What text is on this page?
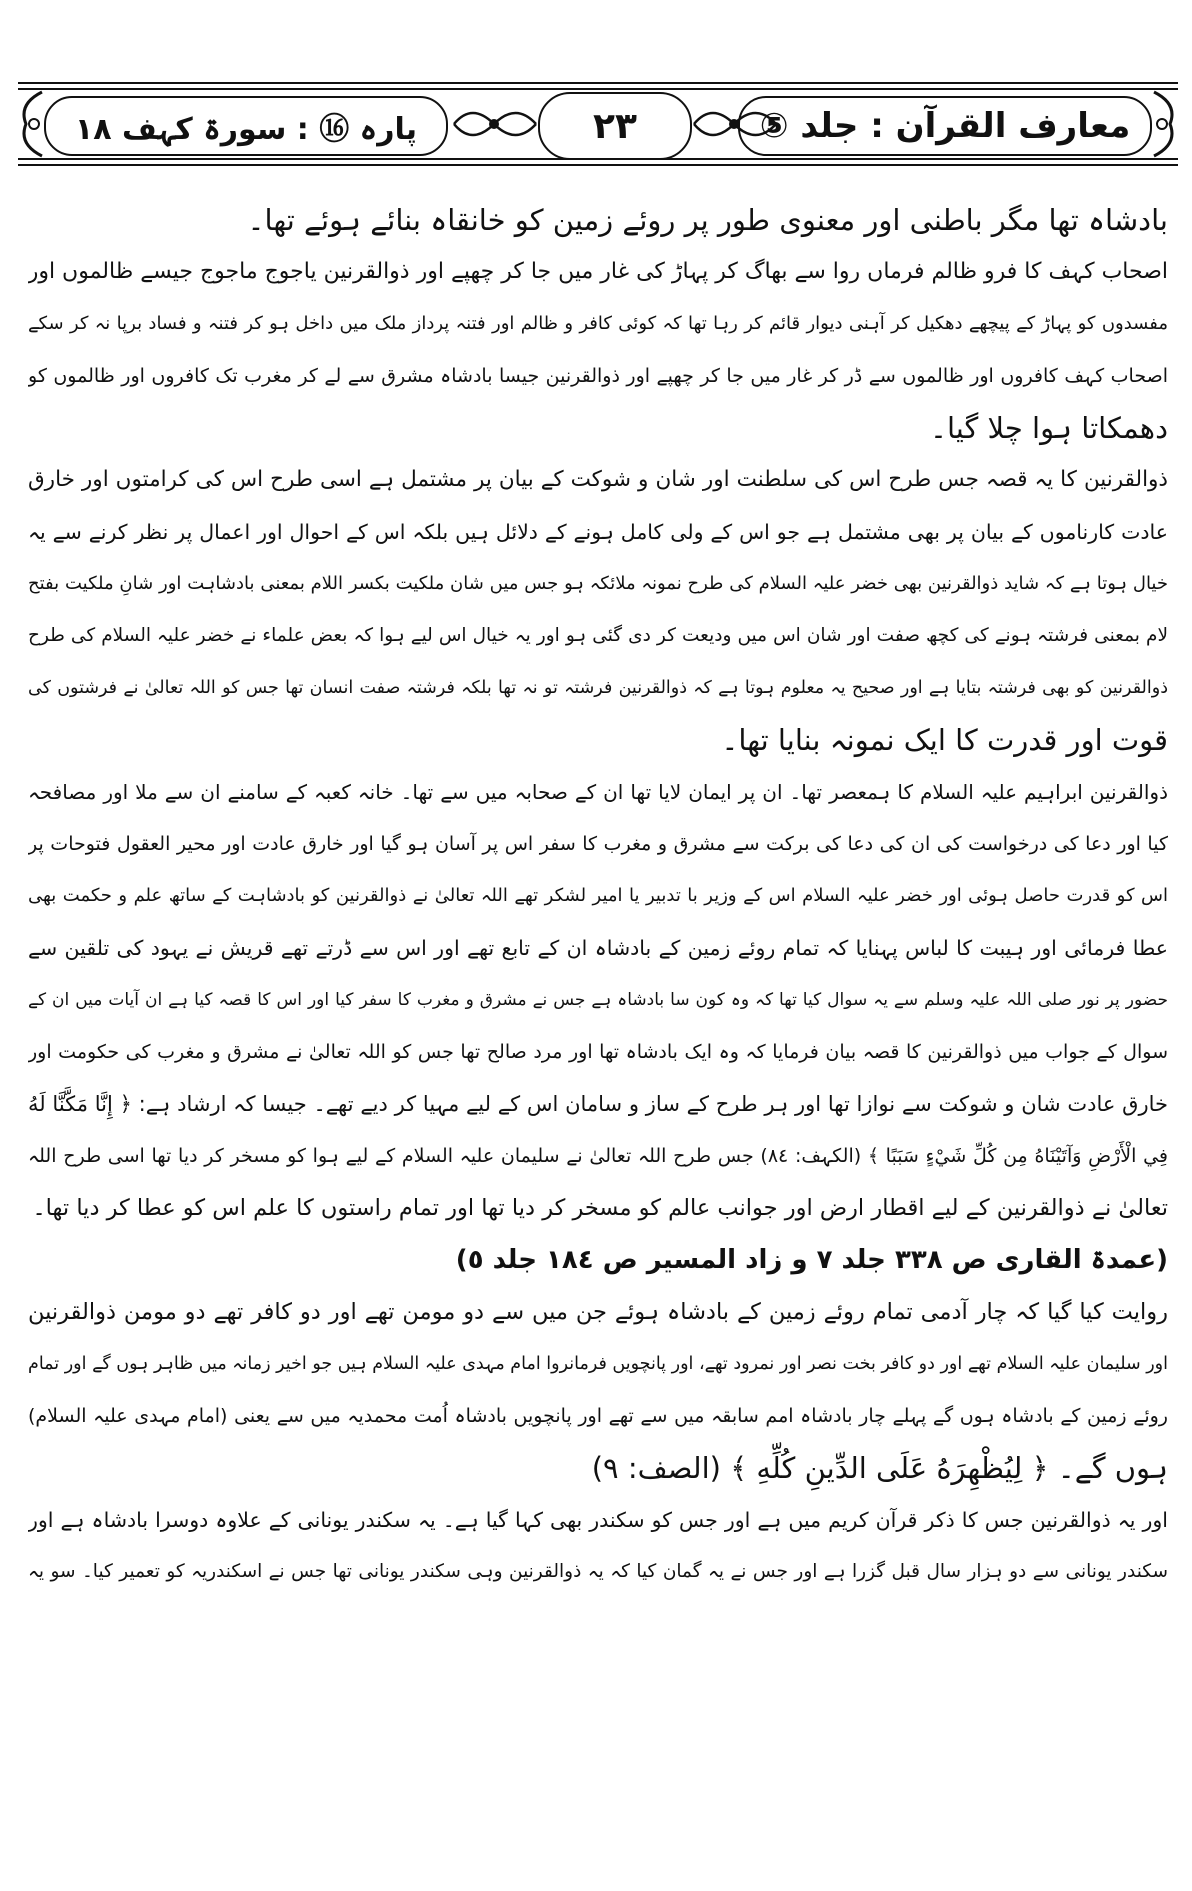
معارف القرآن : جلد ⑤
٢٣
پارہ ⑯ : سورۃ کہف ١٨
بادشاہ تھا مگر باطنی اور معنوی طور پر روئے زمین کو خانقاہ بنائے ہوئے تھا۔
اصحاب کہف کا فرو ظالم فرماں روا سے بھاگ کر پہاڑ کی غار میں جا کر چھپے اور ذوالقرنین یاجوج ماجوج جیسے ظالموں اور
مفسدوں کو پہاڑ کے پیچھے دھکیل کر آہنی دیوار قائم کر رہا تھا کہ کوئی کافر و ظالم اور فتنہ پرداز ملک میں داخل ہو کر فتنہ و فساد برپا نہ کر سکے
اصحاب کہف کافروں اور ظالموں سے ڈر کر غار میں جا کر چھپے اور ذوالقرنین جیسا بادشاہ مشرق سے لے کر مغرب تک کافروں اور ظالموں کو
دھمکاتا ہوا چلا گیا۔
ذوالقرنین کا یہ قصہ جس طرح اس کی سلطنت اور شان و شوکت کے بیان پر مشتمل ہے اسی طرح اس کی کرامتوں اور خارق
عادت کارناموں کے بیان پر بھی مشتمل ہے جو اس کے ولی کامل ہونے کے دلائل ہیں بلکہ اس کے احوال اور اعمال پر نظر کرنے سے یہ
خیال ہوتا ہے کہ شاید ذوالقرنین بھی خضر علیہ السلام کی طرح نمونہ ملائکہ ہو جس میں شان ملکیت بکسر اللام بمعنی بادشاہت اور شانِ ملکیت بفتح
لام بمعنی فرشتہ ہونے کی کچھ صفت اور شان اس میں ودیعت کر دی گئی ہو اور یہ خیال اس لیے ہوا کہ بعض علماء نے خضر علیہ السلام کی طرح
ذوالقرنین کو بھی فرشتہ بتایا ہے اور صحیح یہ معلوم ہوتا ہے کہ ذوالقرنین فرشتہ تو نہ تھا بلکہ فرشتہ صفت انسان تھا جس کو اللہ تعالیٰ نے فرشتوں کی
قوت اور قدرت کا ایک نمونہ بنایا تھا۔
ذوالقرنین ابراہیم علیہ السلام کا ہمعصر تھا۔ ان پر ایمان لایا تھا ان کے صحابہ میں سے تھا۔ خانہ کعبہ کے سامنے ان سے ملا اور مصافحہ
کیا اور دعا کی درخواست کی ان کی دعا کی برکت سے مشرق و مغرب کا سفر اس پر آسان ہو گیا اور خارق عادت اور محیر العقول فتوحات پر
اس کو قدرت حاصل ہوئی اور خضر علیہ السلام اس کے وزیر با تدبیر یا امیر لشکر تھے اللہ تعالیٰ نے ذوالقرنین کو بادشاہت کے ساتھ علم و حکمت بھی
عطا فرمائی اور ہیبت کا لباس پہنایا کہ تمام روئے زمین کے بادشاہ ان کے تابع تھے اور اس سے ڈرتے تھے قریش نے یہود کی تلقین سے
حضور پر نور صلی اللہ علیہ وسلم سے یہ سوال کیا تھا کہ وہ کون سا بادشاہ ہے جس نے مشرق و مغرب کا سفر کیا اور اس کا قصہ کیا ہے ان آیات میں ان کے
سوال کے جواب میں ذوالقرنین کا قصہ بیان فرمایا کہ وہ ایک بادشاہ تھا اور مرد صالح تھا جس کو اللہ تعالیٰ نے مشرق و مغرب کی حکومت اور
خارق عادت شان و شوکت سے نوازا تھا اور ہر طرح کے ساز و سامان اس کے لیے مہیا کر دیے تھے۔ جیسا کہ ارشاد ہے: ﴿ إِنَّا مَكَّنَّا لَهُ
فِي الْأَرْضِ وَآتَيْنَاهُ مِن كُلِّ شَيْءٍ سَبَبًا ﴾ (الکہف: ٨٤) جس طرح اللہ تعالیٰ نے سلیمان علیہ السلام کے لیے ہوا کو مسخر کر دیا تھا اسی طرح اللہ
تعالیٰ نے ذوالقرنین کے لیے اقطار ارض اور جوانب عالم کو مسخر کر دیا تھا اور تمام راستوں کا علم اس کو عطا کر دیا تھا۔
(عمدۃ القاری ص ٣٣٨ جلد ٧ و زاد المسیر ص ١٨٤ جلد ٥)
روایت کیا گیا کہ چار آدمی تمام روئے زمین کے بادشاہ ہوئے جن میں سے دو مومن تھے اور دو کافر تھے دو مومن ذوالقرنین
اور سلیمان علیہ السلام تھے اور دو کافر بخت نصر اور نمرود تھے، اور پانچویں فرمانروا امام مہدی علیہ السلام ہیں جو اخیر زمانہ میں ظاہر ہوں گے اور تمام
روئے زمین کے بادشاہ ہوں گے پہلے چار بادشاہ امم سابقہ میں سے تھے اور پانچویں بادشاہ اُمت محمدیہ میں سے یعنی (امام مہدی علیہ السلام)
ہوں گے۔ ﴿ لِيُظْهِرَهُ عَلَى الدِّينِ كُلِّهِ ﴾ (الصف: ٩)
اور یہ ذوالقرنین جس کا ذکر قرآن کریم میں ہے اور جس کو سکندر بھی کہا گیا ہے۔ یہ سکندر یونانی کے علاوہ دوسرا بادشاہ ہے اور
سکندر یونانی سے دو ہزار سال قبل گزرا ہے اور جس نے یہ گمان کیا کہ یہ ذوالقرنین وہی سکندر یونانی تھا جس نے اسکندریہ کو تعمیر کیا۔ سو یہ
